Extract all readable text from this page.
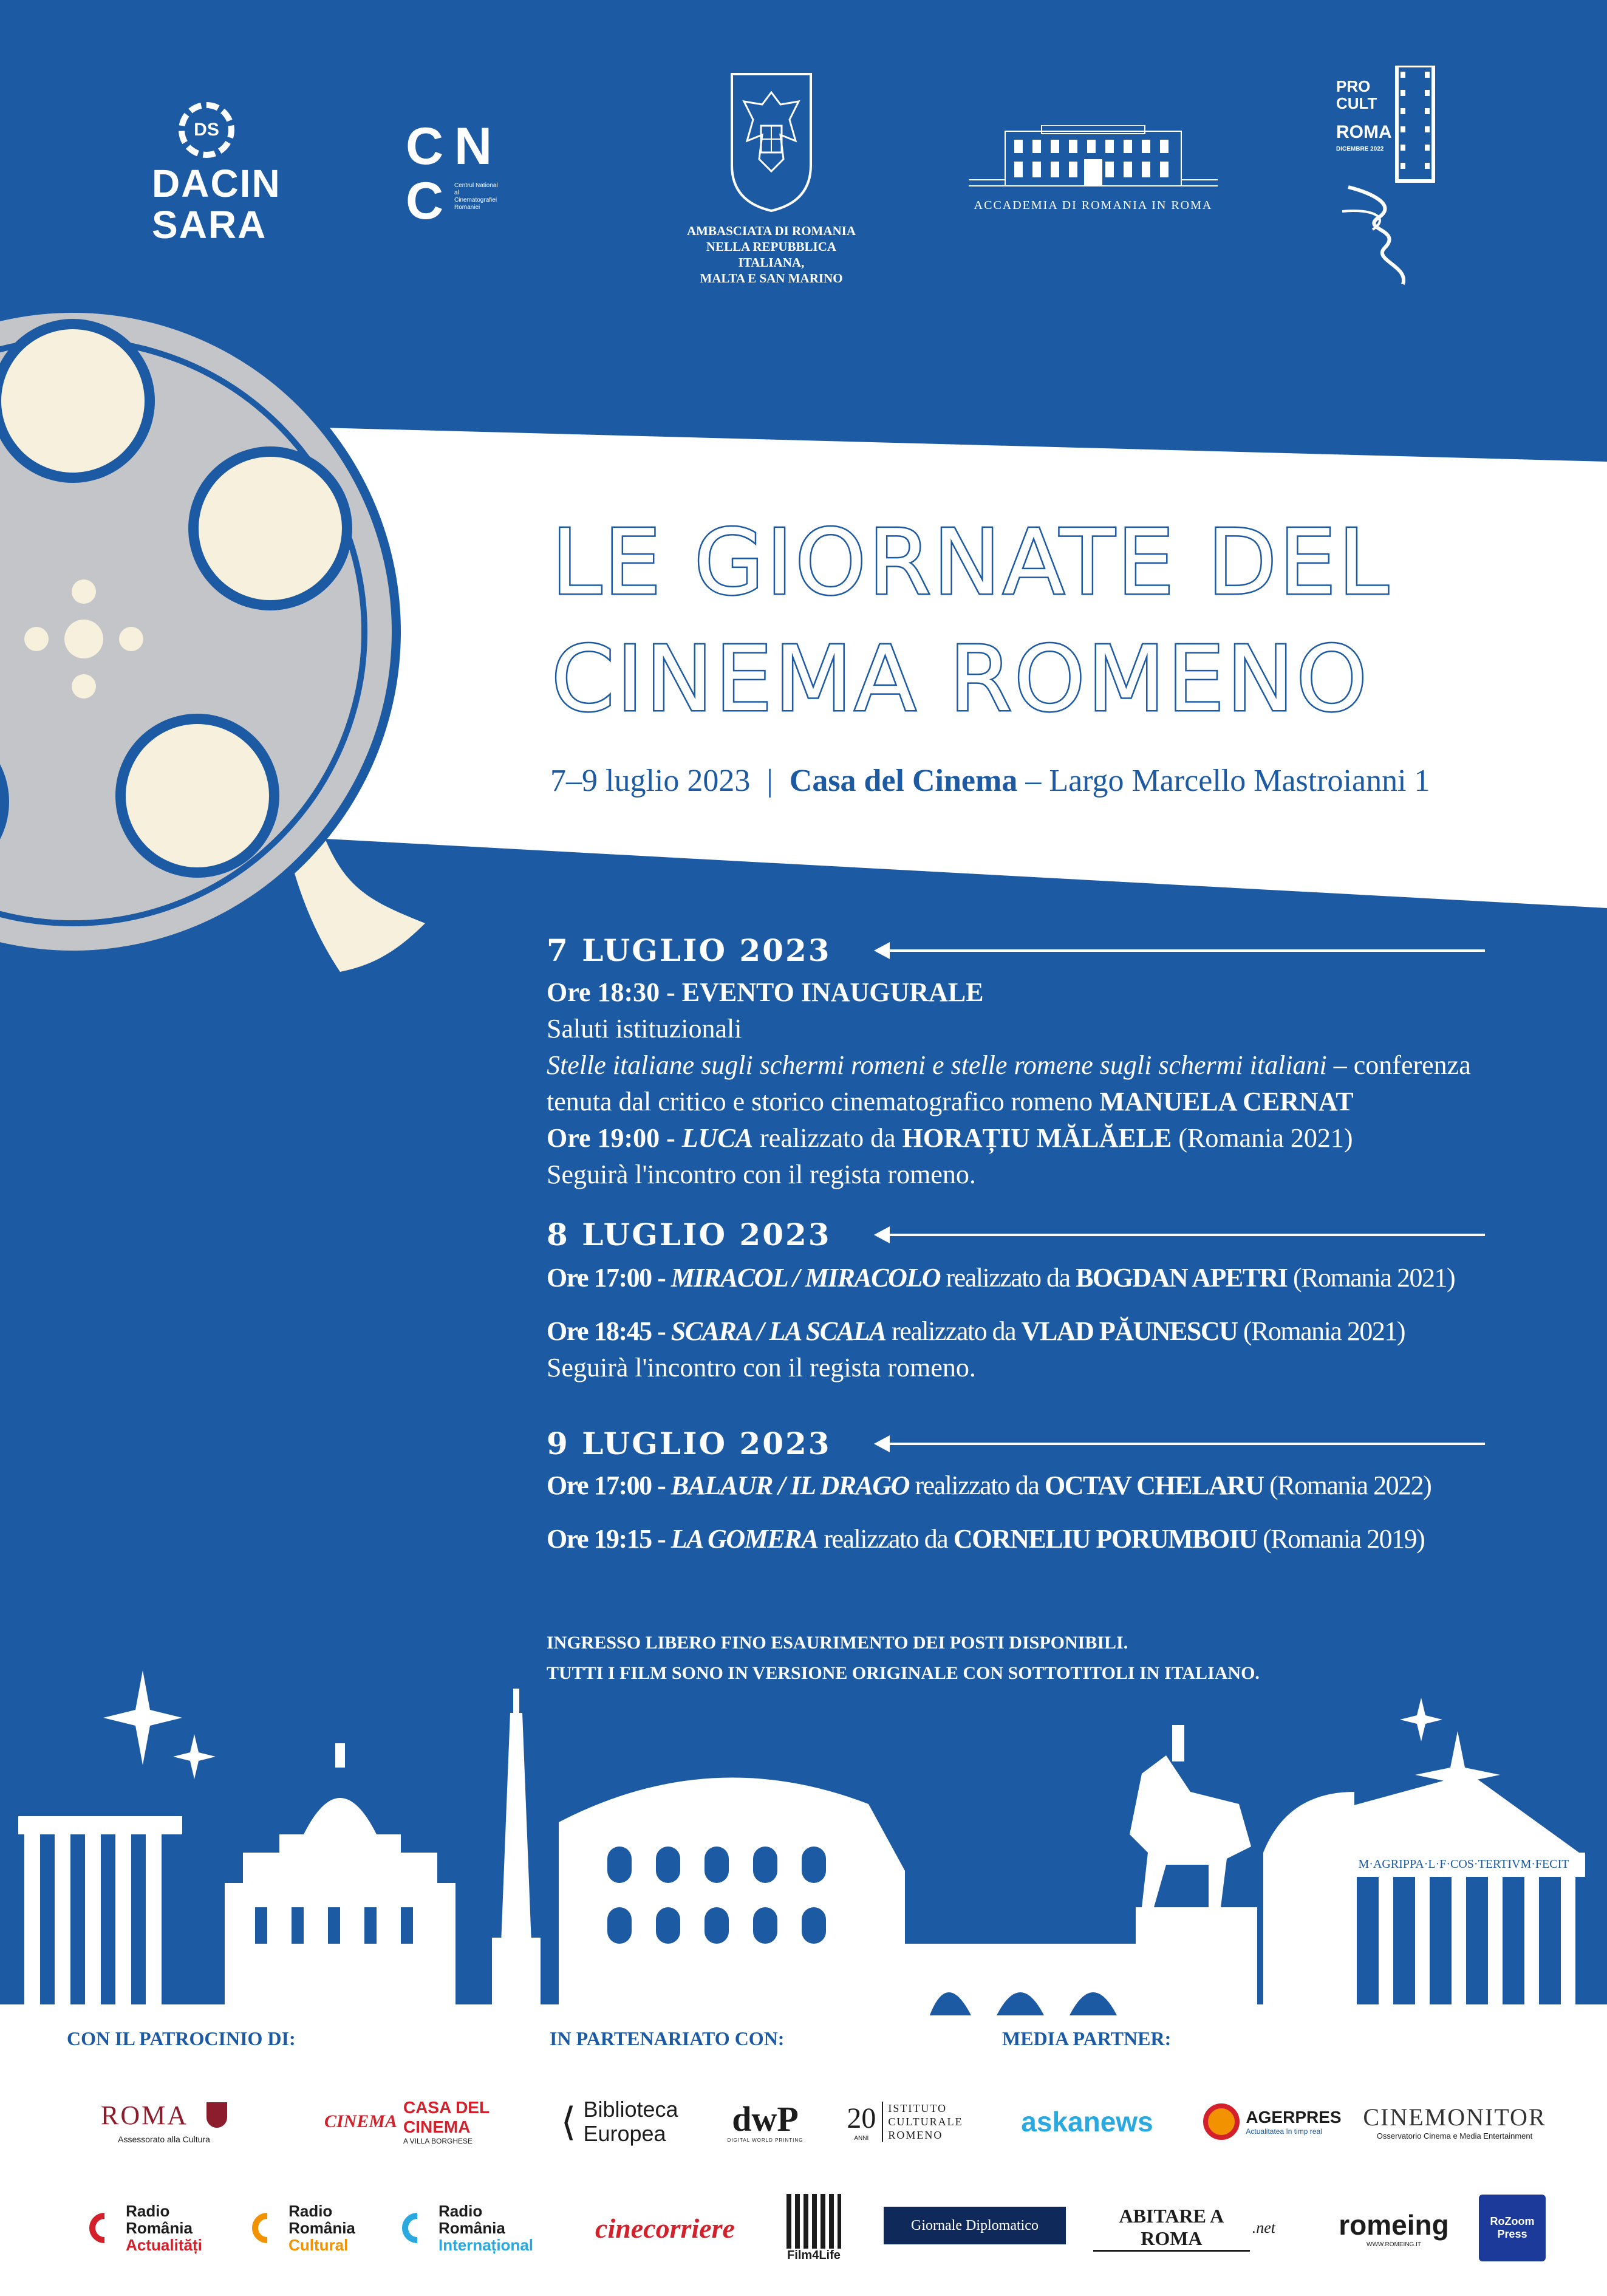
DS
DACIN
SARA
C N
C	Centrul National al Cinematografiei Romaniei
AMBASCIATA DI ROMANIA
NELLA REPUBBLICA ITALIANA,
MALTA E SAN MARINO
ACCADEMIA DI ROMANIA IN ROMA
PRO
CULT
ROMA
DICEMBRE 2022
LE GIORNATE DEL
CINEMA ROMENO
7–9 luglio 2023 | Casa del Cinema – Largo Marcello Mastroianni 1
7 LUGLIO 2023
Ore 18:30 - EVENTO INAUGURALE
Saluti istituzionali
Stelle italiane sugli schermi romeni e stelle romene sugli schermi italiani – conferenza
tenuta dal critico e storico cinematografico romeno MANUELA CERNAT
Ore 19:00 - LUCA realizzato da HORAȚIU MĂLĂELE (Romania 2021)
Seguirà l'incontro con il regista romeno.
8 LUGLIO 2023
Ore 17:00 - MIRACOL / MIRACOLO realizzato da BOGDAN APETRI (Romania 2021)
Ore 18:45 - SCARA / LA SCALA realizzato da VLAD PĂUNESCU (Romania 2021)
Seguirà l'incontro con il regista romeno.
9 LUGLIO 2023
Ore 17:00 - BALAUR / IL DRAGO realizzato da OCTAV CHELARU (Romania 2022)
Ore 19:15 - LA GOMERA realizzato da CORNELIU PORUMBOIU (Romania 2019)
INGRESSO LIBERO FINO ESAURIMENTO DEI POSTI DISPONIBILI.
TUTTI I FILM SONO IN VERSIONE ORIGINALE CON SOTTOTITOLI IN ITALIANO.
M·AGRIPPA·L·F·COS·TERTIVM·FECIT
CON IL PATROCINIO DI:	IN PARTENARIATO CON:	MEDIA PARTNER:
ROMA
Assessorato alla Cultura
CINEMA
CASA DEL
CINEMA
A VILLA BORGHESE	⟨ Biblioteca
Europea	dwP
DIGITAL WORLD PRINTING
20
ANNI
ISTITUTO
CULTURALE
ROMENO	askanews	AGERPRES
Actualitatea în timp real
CINEMONITOR
Osservatorio Cinema e Media Entertainment
Radio
România
Actualități
Radio
România
Cultural
Radio
România
Internațional
cinecorriere
Film4Life
Giornale Diplomatico	ABITARE A ROMA	.net romeing
WWW.ROMEING.IT
RoZoom
Press
